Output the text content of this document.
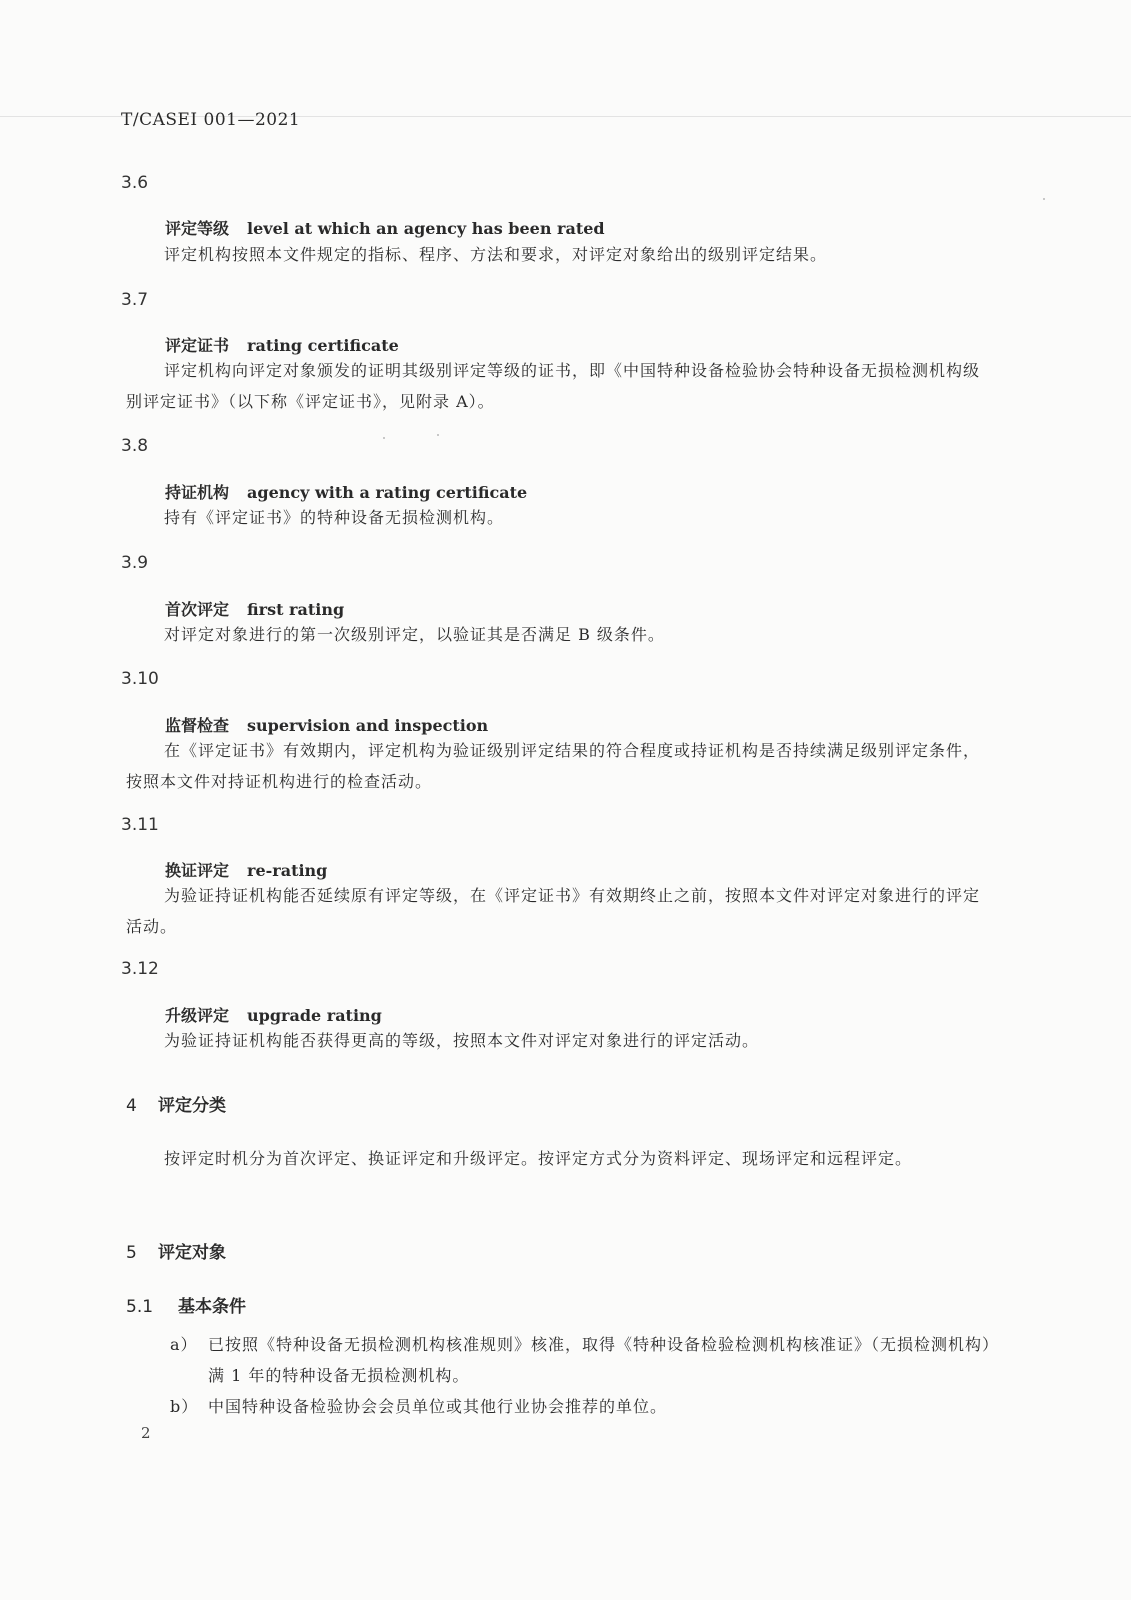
T/CASEI 001—2021
3.6
评定等级 level at which an agency has been rated
评定机构按照本文件规定的指标、程序、方法和要求，对评定对象给出的级别评定结果。
3.7
评定证书 rating certificate
评定机构向评定对象颁发的证明其级别评定等级的证书，即《中国特种设备检验协会特种设备无损检测机构级别评定证书》（以下称《评定证书》，见附录 A）。
3.8
持证机构 agency with a rating certificate
持有《评定证书》的特种设备无损检测机构。
3.9
首次评定 first rating
对评定对象进行的第一次级别评定，以验证其是否满足 B 级条件。
3.10
监督检查 supervision and inspection
在《评定证书》有效期内，评定机构为验证级别评定结果的符合程度或持证机构是否持续满足级别评定条件，按照本文件对持证机构进行的检查活动。
3.11
换证评定 re-rating
为验证持证机构能否延续原有评定等级，在《评定证书》有效期终止之前，按照本文件对评定对象进行的评定活动。
3.12
升级评定 upgrade rating
为验证持证机构能否获得更高的等级，按照本文件对评定对象进行的评定活动。
4 评定分类
按评定时机分为首次评定、换证评定和升级评定。按评定方式分为资料评定、现场评定和远程评定。
5 评定对象
5.1 基本条件
a） 已按照《特种设备无损检测机构核准规则》核准，取得《特种设备检验检测机构核准证》（无损检测机构）满 1 年的特种设备无损检测机构。
b） 中国特种设备检验协会会员单位或其他行业协会推荐的单位。
2
